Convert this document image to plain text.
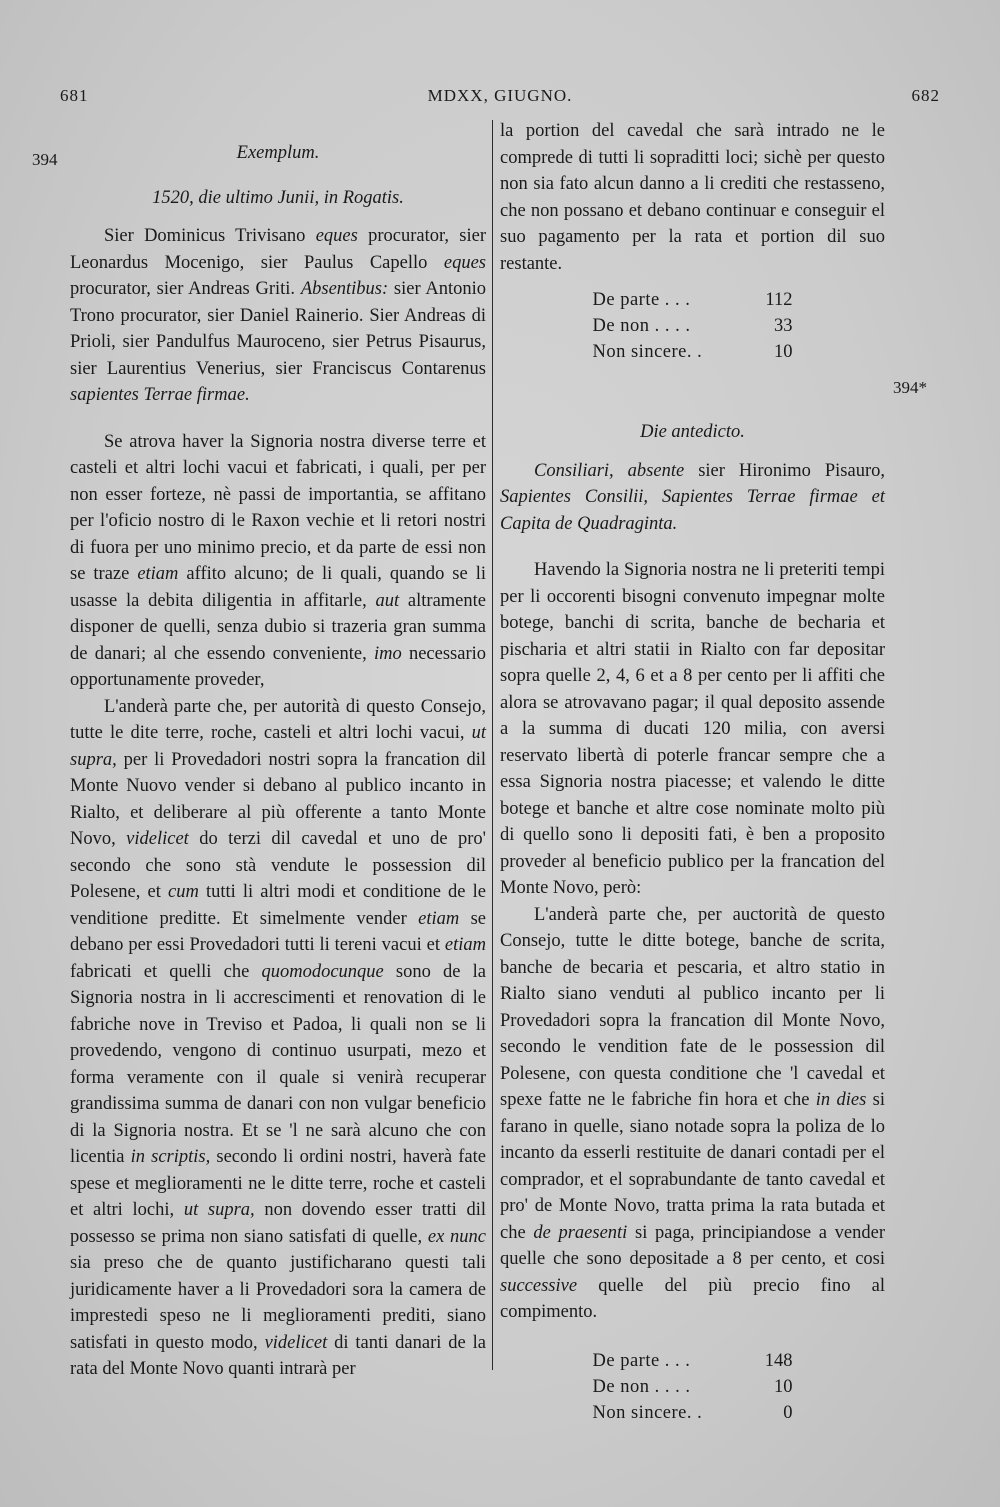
681	MDXX, GIUGNO.	682
394
394*
Exemplum.
1520, die ultimo Junii, in Rogatis.

Sier Dominicus Trivisano eques procurator, sier Leonardus Mocenigo, sier Paulus Capello eques procurator, sier Andreas Griti. Absentibus: sier Antonio Trono procurator, sier Daniel Rainerio. Sier Andreas di Prioli, sier Pandulfus Mauroceno, sier Petrus Pisaurus, sier Laurentius Venerius, sier Franciscus Contarenus sapientes Terrae firmae.

Se atrova haver la Signoria nostra diverse terre et casteli et altri lochi vacui et fabricati, i quali, per per non esser forteze, nè passi de importantia, se affitano per l'oficio nostro di le Raxon vechie et li retori nostri di fuora per uno minimo precio, et da parte de essi non se traze etiam affito alcuno; de li quali, quando se li usasse la debita diligentia in affitarle, aut altramente disponer de quelli, senza dubio si trazeria gran summa de danari; al che essendo conveniente, imo necessario opportunamente proveder,

L'anderà parte che, per autorità di questo Consejo, tutte le dite terre, roche, casteli et altri lochi vacui, ut supra, per li Provedadori nostri sopra la francation dil Monte Nuovo vender si debano al publico incanto in Rialto, et deliberare al più offerente a tanto Monte Novo, videlicet do terzi dil cavedal et uno de pro' secondo che sono stà vendute le possession dil Polesene, et cum tutti li altri modi et conditione de le venditione preditte. Et simelmente vender etiam se debano per essi Provedadori tutti li tereni vacui et etiam fabricati et quelli che quomodocunque sono de la Signoria nostra in li accrescimenti et renovation di le fabriche nove in Treviso et Padoa, li quali non se li provedendo, vengono di continuo usurpati, mezo et forma veramente con il quale si venirà recuperar grandissima summa de danari con non vulgar beneficio di la Signoria nostra. Et se 'l ne sarà alcuno che con licentia in scriptis, secondo li ordini nostri, haverà fate spese et meglioramenti ne le ditte terre, roche et casteli et altri lochi, ut supra, non dovendo esser tratti dil possesso se prima non siano satisfati di quelle, ex nunc sia preso che de quanto justificharano questi tali juridicamente haver a li Provedadori sora la camera de imprestedi speso ne li meglioramenti prediti, siano satisfati in questo modo, videlicet di tanti danari de la rata del Monte Novo quanti intrarà per

la portion del cavedal che sarà intrado ne le comprede di tutti li sopraditti loci; sichè per questo non sia fato alcun danno a li crediti che restasseno, che non possano et debano continuar e conseguir el suo pagamento per la rata et portion dil suo restante.

De parte . . .	112
De non . . . .	33
Non sincere. .	10
Die antedicto.

Consiliari, absente sier Hironimo Pisauro, Sapientes Consilii, Sapientes Terrae firmae et Capita de Quadraginta.

Havendo la Signoria nostra ne li preteriti tempi per li occorenti bisogni convenuto impegnar molte botege, banchi di scrita, banche de becharia et pischaria et altri statii in Rialto con far depositar sopra quelle 2, 4, 6 et a 8 per cento per li affiti che alora se atrovavano pagar; il qual deposito assende a la summa di ducati 120 milia, con aversi reservato libertà di poterle francar sempre che a essa Signoria nostra piacesse; et valendo le ditte botege et banche et altre cose nominate molto più di quello sono li depositi fati, è ben a proposito proveder al beneficio publico per la francation del Monte Novo, però:

L'anderà parte che, per auctorità de questo Consejo, tutte le ditte botege, banche de scrita, banche de becaria et pescaria, et altro statio in Rialto siano venduti al publico incanto per li Provedadori sopra la francation dil Monte Novo, secondo le vendition fate de le possession dil Polesene, con questa conditione che 'l cavedal et spexe fatte ne le fabriche fin hora et che in dies si farano in quelle, siano notade sopra la poliza de lo incanto da esserli restituite de danari contadi per el comprador, et el soprabundante de tanto cavedal et pro' de Monte Novo, tratta prima la rata butada et che de praesenti si paga, principiandose a vender quelle che sono depositade a 8 per cento, et cosi successive quelle del più precio fino al compimento.

De parte . . .	148
De non . . . .	10
Non sincere. .	0
